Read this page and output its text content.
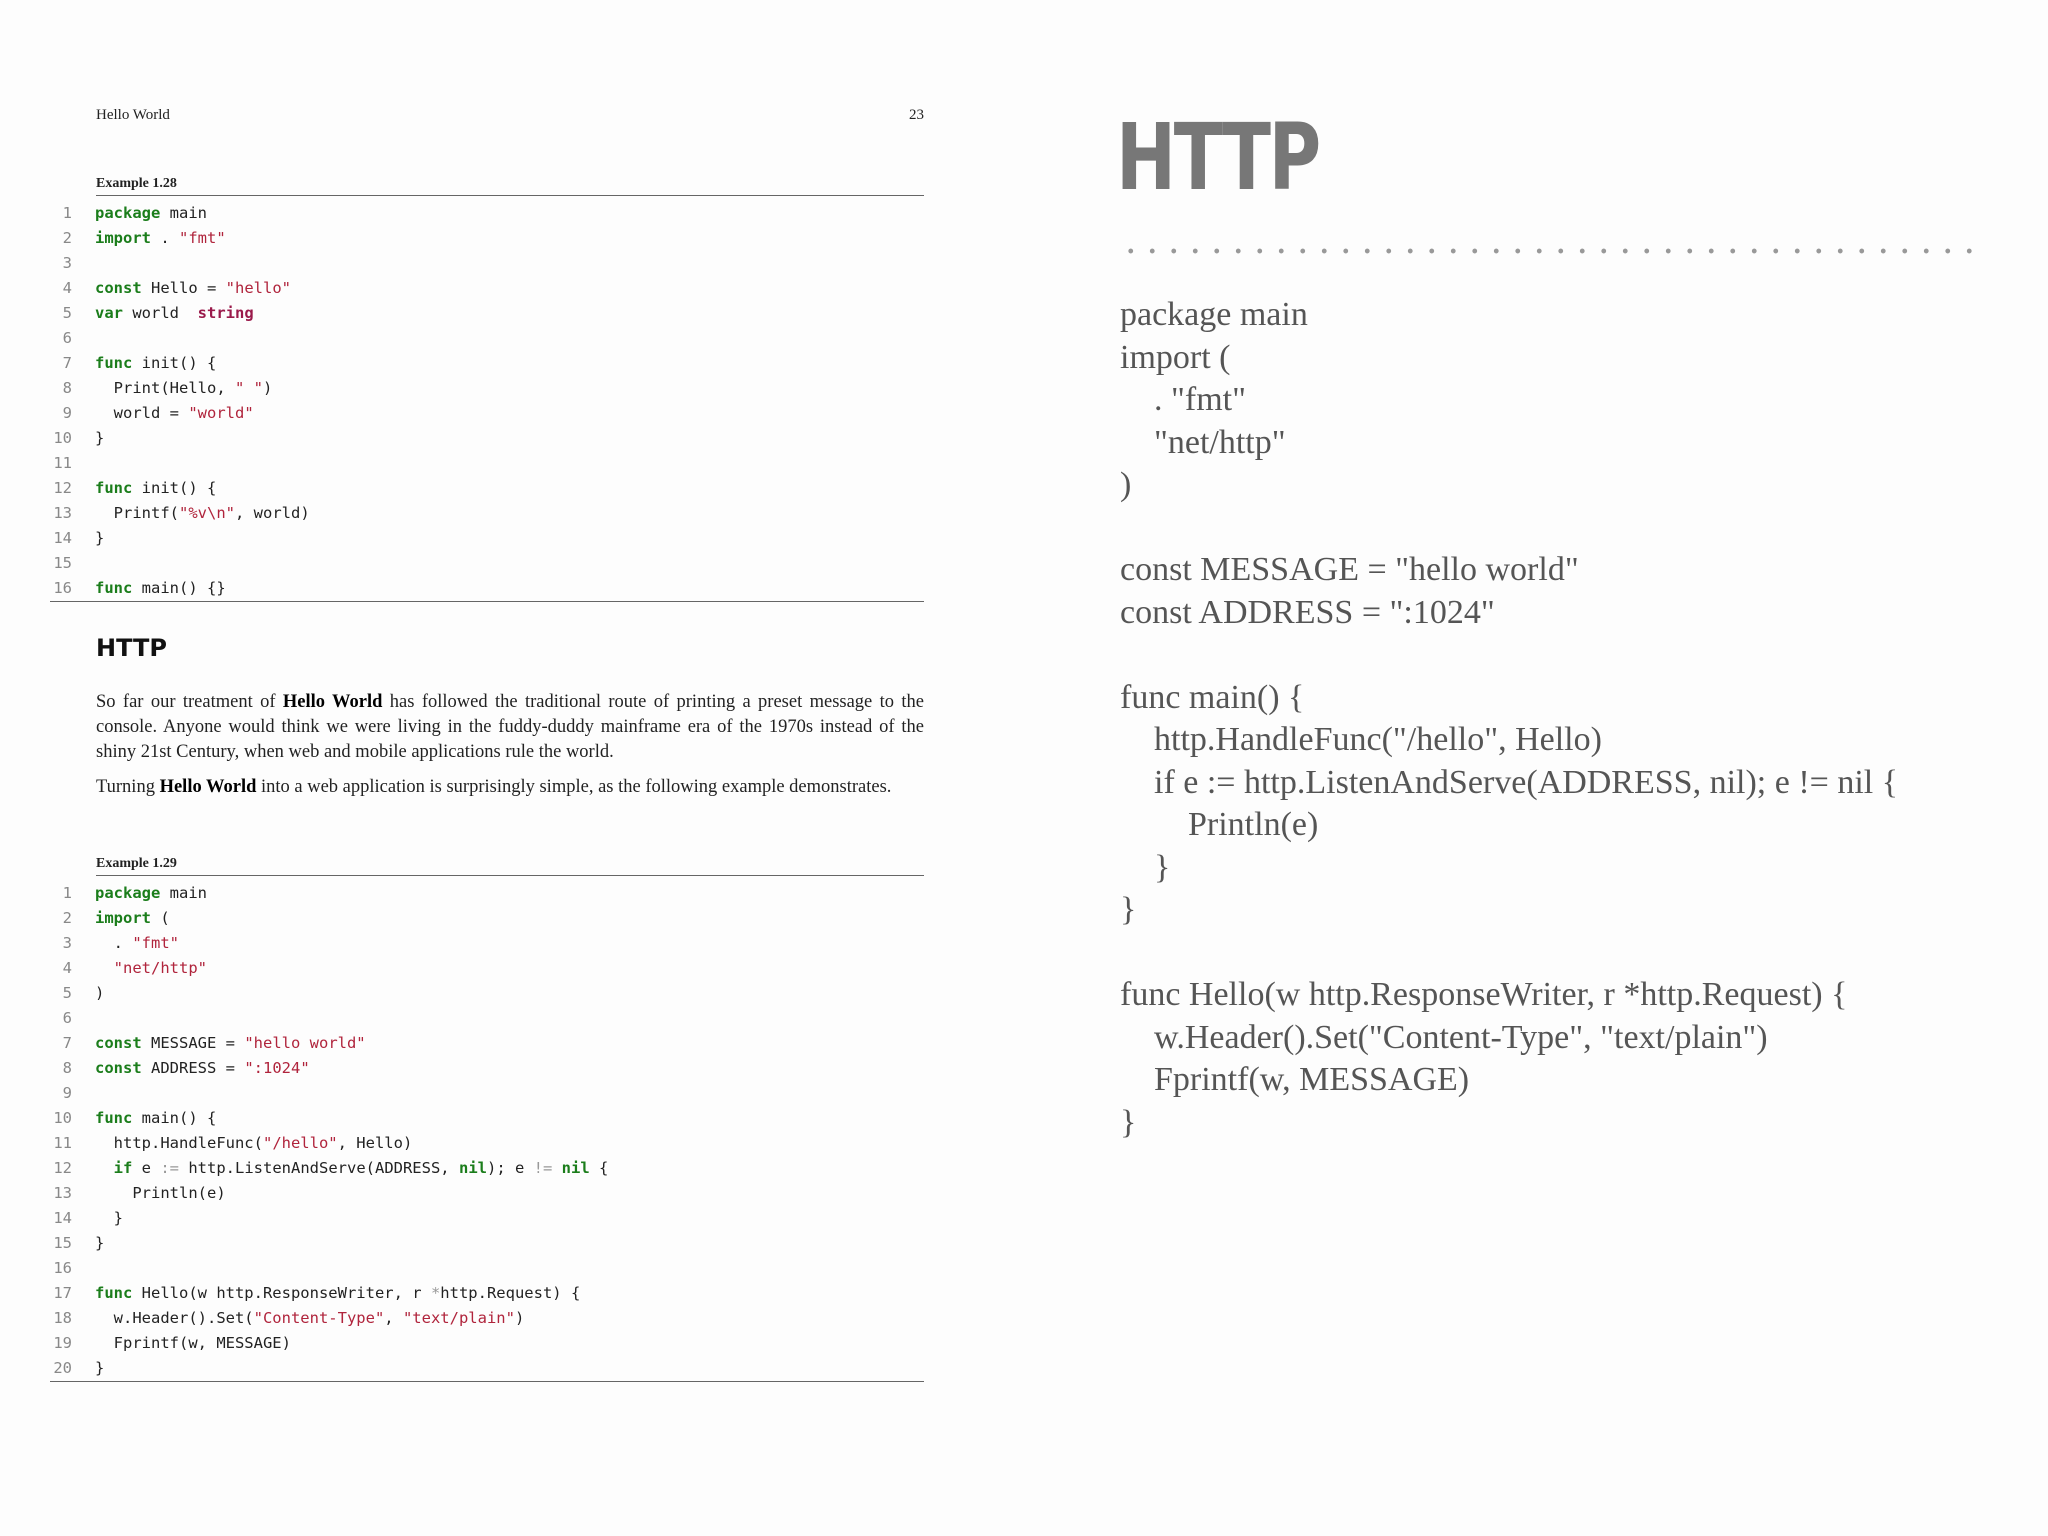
Hello World	23
Example 1.28
1 package main
2 import . "fmt"
3
4 const Hello = "hello"
5 var world  string
6
7 func init() {
8 Print(Hello, " ")
9 world = "world"
10 }
11
12 func init() {
13 Printf("%v\n", world)
14 }
15
16 func main() {}
HTTP

So far our treatment of Hello World has followed the traditional route of printing a preset message to the console. Anyone would think we were living in the fuddy-duddy mainframe era of the 1970s instead of the shiny 21st Century, when web and mobile applications rule the world.

Turning Hello World into a web application is surprisingly simple, as the following example demonstrates.

Example 1.29
1 package main
2 import (
3 . "fmt"
4	"net/http"
5 )
6
7 const MESSAGE = "hello world"
8 const ADDRESS = ":1024"
9
10 func main() {
11 http.HandleFunc("/hello", Hello)
12	if e := http.ListenAndServe(ADDRESS, nil); e != nil {
13 Println(e)
14 }
15 }
16
17 func Hello(w http.ResponseWriter, r *http.Request) {
18 w.Header().Set("Content-Type", "text/plain")
19 Fprintf(w, MESSAGE)
20 }
HTTP
package main
import (
. "fmt"
"net/http"
)
const MESSAGE = "hello world"
const ADDRESS = ":1024"
func main() {
http.HandleFunc("/hello", Hello)
if e := http.ListenAndServe(ADDRESS, nil); e != nil {
Println(e)
}
}
func Hello(w http.ResponseWriter, r *http.Request) {
w.Header().Set("Content-Type", "text/plain")
Fprintf(w, MESSAGE)
}
